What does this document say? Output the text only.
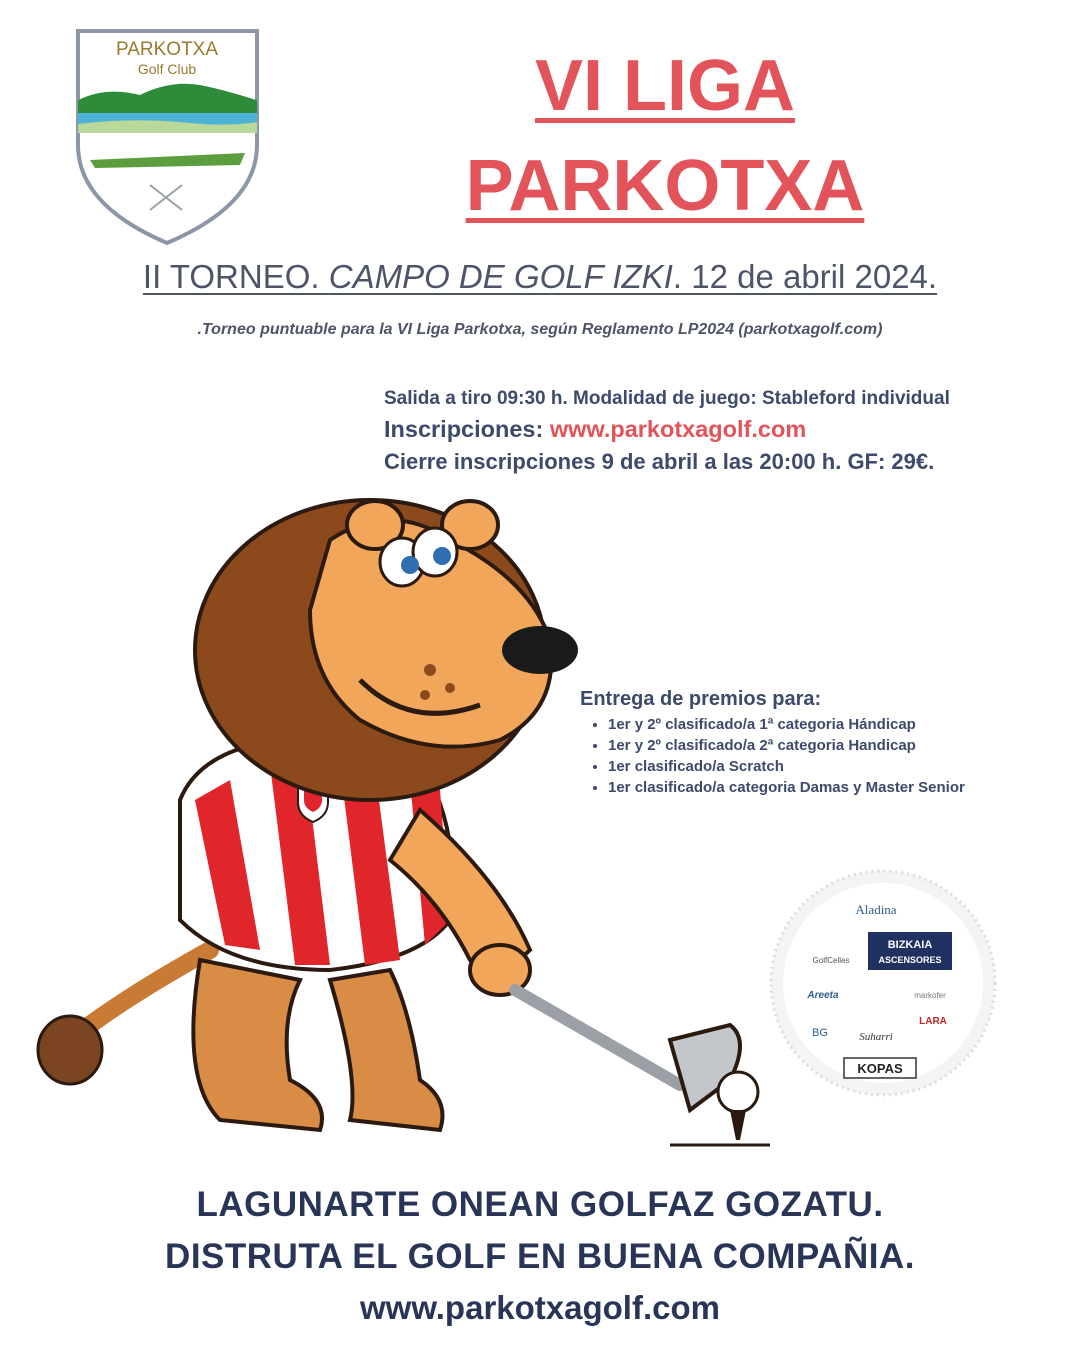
PARKOTXA
Golf Club	VI LIGA
PARKOTXA
II TORNEO. CAMPO DE GOLF IZKI. 12 de abril 2024.
.Torneo puntuable para la VI Liga Parkotxa, según Reglamento LP2024 (parkotxagolf.com)
Salida a tiro 09:30 h. Modalidad de juego: Stableford individual
Inscripciones: www.parkotxagolf.com
Cierre inscripciones 9 de abril a las 20:00 h. GF: 29€.
Entrega de premios para:
• 1er y 2º clasificado/a 1ª categoria Hándicap
• 1er y 2º clasificado/a 2ª categoria Handicap
• 1er clasificado/a Scratch
• 1er clasificado/a categoria Damas y Master Senior
Aladina
GolfCelles
BIZKAIA
ASCENSORES
Areeta	markofer
BG	Suharri
LARA
KOPAS
LAGUNARTE ONEAN GOLFAZ GOZATU.
DISTRUTA EL GOLF EN BUENA COMPAÑIA.
www.parkotxagolf.com
